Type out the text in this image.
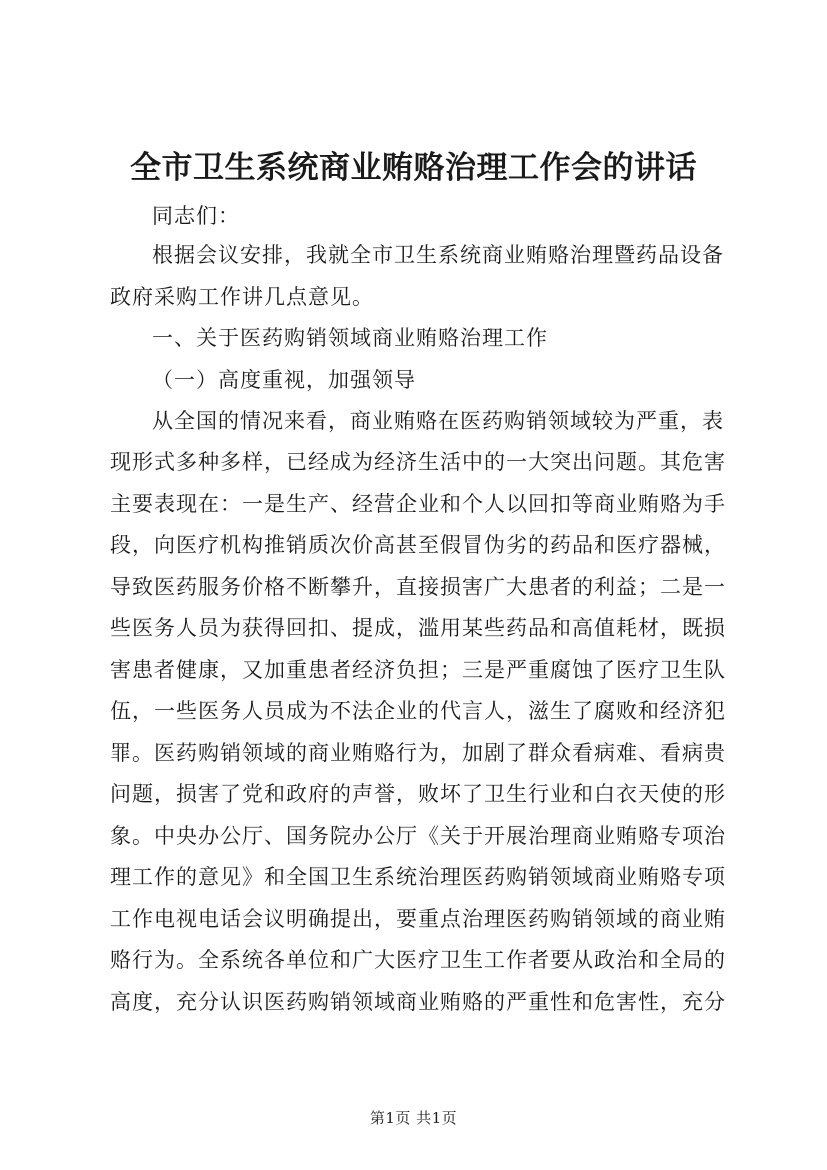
全市卫生系统商业贿赂治理工作会的讲话
同志们：
根据会议安排，我就全市卫生系统商业贿赂治理暨药品设备
政府采购工作讲几点意见。
一、关于医药购销领域商业贿赂治理工作
（一）高度重视，加强领导
从全国的情况来看，商业贿赂在医药购销领域较为严重，表
现形式多种多样，已经成为经济生活中的一大突出问题。其危害
主要表现在：一是生产、经营企业和个人以回扣等商业贿赂为手
段，向医疗机构推销质次价高甚至假冒伪劣的药品和医疗器械，
导致医药服务价格不断攀升，直接损害广大患者的利益；二是一
些医务人员为获得回扣、提成，滥用某些药品和高值耗材，既损
害患者健康，又加重患者经济负担；三是严重腐蚀了医疗卫生队
伍，一些医务人员成为不法企业的代言人，滋生了腐败和经济犯
罪。医药购销领域的商业贿赂行为，加剧了群众看病难、看病贵
问题，损害了党和政府的声誉，败坏了卫生行业和白衣天使的形
象。中央办公厅、国务院办公厅《关于开展治理商业贿赂专项治
理工作的意见》和全国卫生系统治理医药购销领域商业贿赂专项
工作电视电话会议明确提出，要重点治理医药购销领域的商业贿
赂行为。全系统各单位和广大医疗卫生工作者要从政治和全局的
高度，充分认识医药购销领域商业贿赂的严重性和危害性，充分
第1页 共1页
